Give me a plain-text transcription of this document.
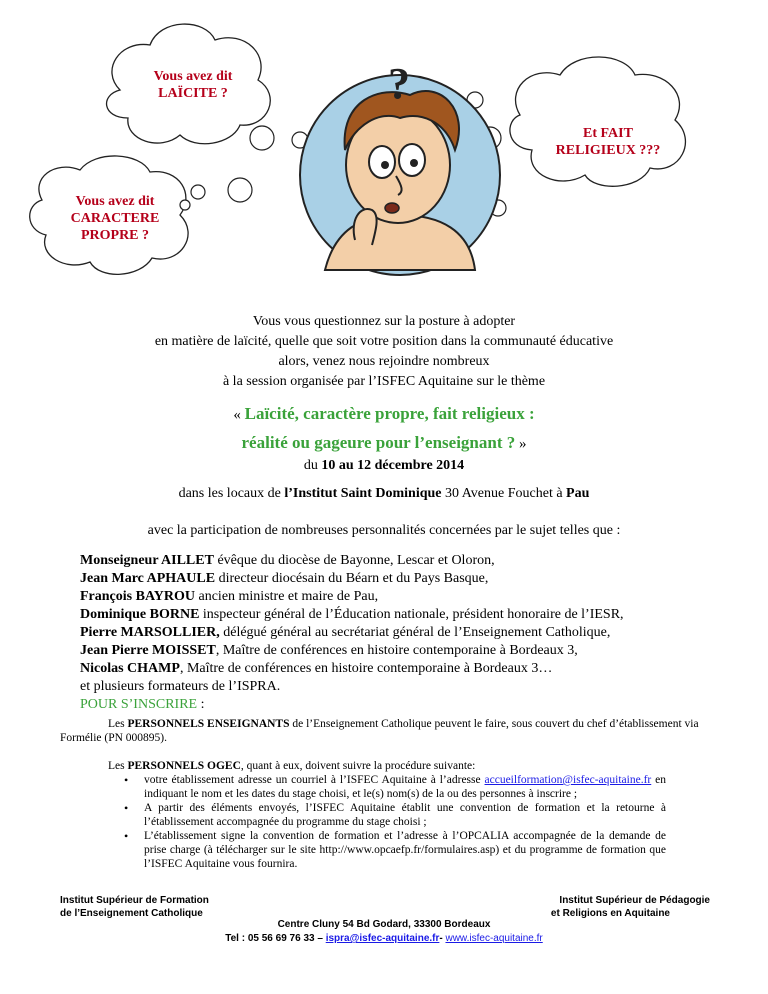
?
Vous avez dit LAÏCITE ?
Et FAIT RELIGIEUX ???
Vous avez dit CARACTERE PROPRE ?
Vous vous questionnez sur la posture à adopter
en matière de laïcité, quelle que soit votre position dans la communauté éducative
alors, venez nous rejoindre nombreux
à la session organisée par l’ISFEC Aquitaine sur le thème
« Laïcité, caractère propre, fait religieux :
réalité ou gageure pour l’enseignant ? »
du 10 au 12 décembre 2014
dans les locaux de l’Institut Saint Dominique 30 Avenue Fouchet à Pau
avec la participation de nombreuses personnalités concernées par le sujet telles que :
Monseigneur AILLET évêque du diocèse de Bayonne, Lescar et Oloron,
Jean Marc APHAULE directeur diocésain du Béarn et du Pays Basque,
François BAYROU ancien ministre et maire de Pau,
Dominique BORNE inspecteur général de l’Éducation nationale, président honoraire de l’IESR,
Pierre MARSOLLIER, délégué général au secrétariat général de l’Enseignement Catholique,
Jean Pierre MOISSET, Maître de conférences en histoire contemporaine à Bordeaux 3,
Nicolas CHAMP, Maître de conférences en histoire contemporaine à Bordeaux 3…
et plusieurs formateurs de l’ISPRA.
POUR S’INSCRIRE :
Les PERSONNELS ENSEIGNANTS de l’Enseignement Catholique peuvent le faire, sous couvert du chef d’établissement via Formélie (PN 000895).
Les PERSONNELS OGEC, quant à eux, doivent suivre la procédure suivante:
• votre établissement adresse un courriel à l’ISFEC Aquitaine à l’adresse accueilformation@isfec-aquitaine.fr en indiquant le nom et les dates du stage choisi, et le(s) nom(s) de la ou des personnes à inscrire ;
• A partir des éléments envoyés, l’ISFEC Aquitaine établit une convention de formation et la retourne à l’établissement accompagnée du programme du stage choisi ;
• L’établissement signe la convention de formation et l’adresse à l’OPCALIA accompagnée de la demande de prise charge (à télécharger sur le site http://www.opcaefp.fr/formulaires.asp) et du programme de formation que l’ISFEC Aquitaine vous fournira.
Institut Supérieur de Formation
de l’Enseignement Catholique
Institut Supérieur de Pédagogie
et Religions en Aquitaine
Centre Cluny 54 Bd Godard, 33300 Bordeaux
Tel : 05 56 69 76 33 – ispra@isfec-aquitaine.fr- www.isfec-aquitaine.fr
